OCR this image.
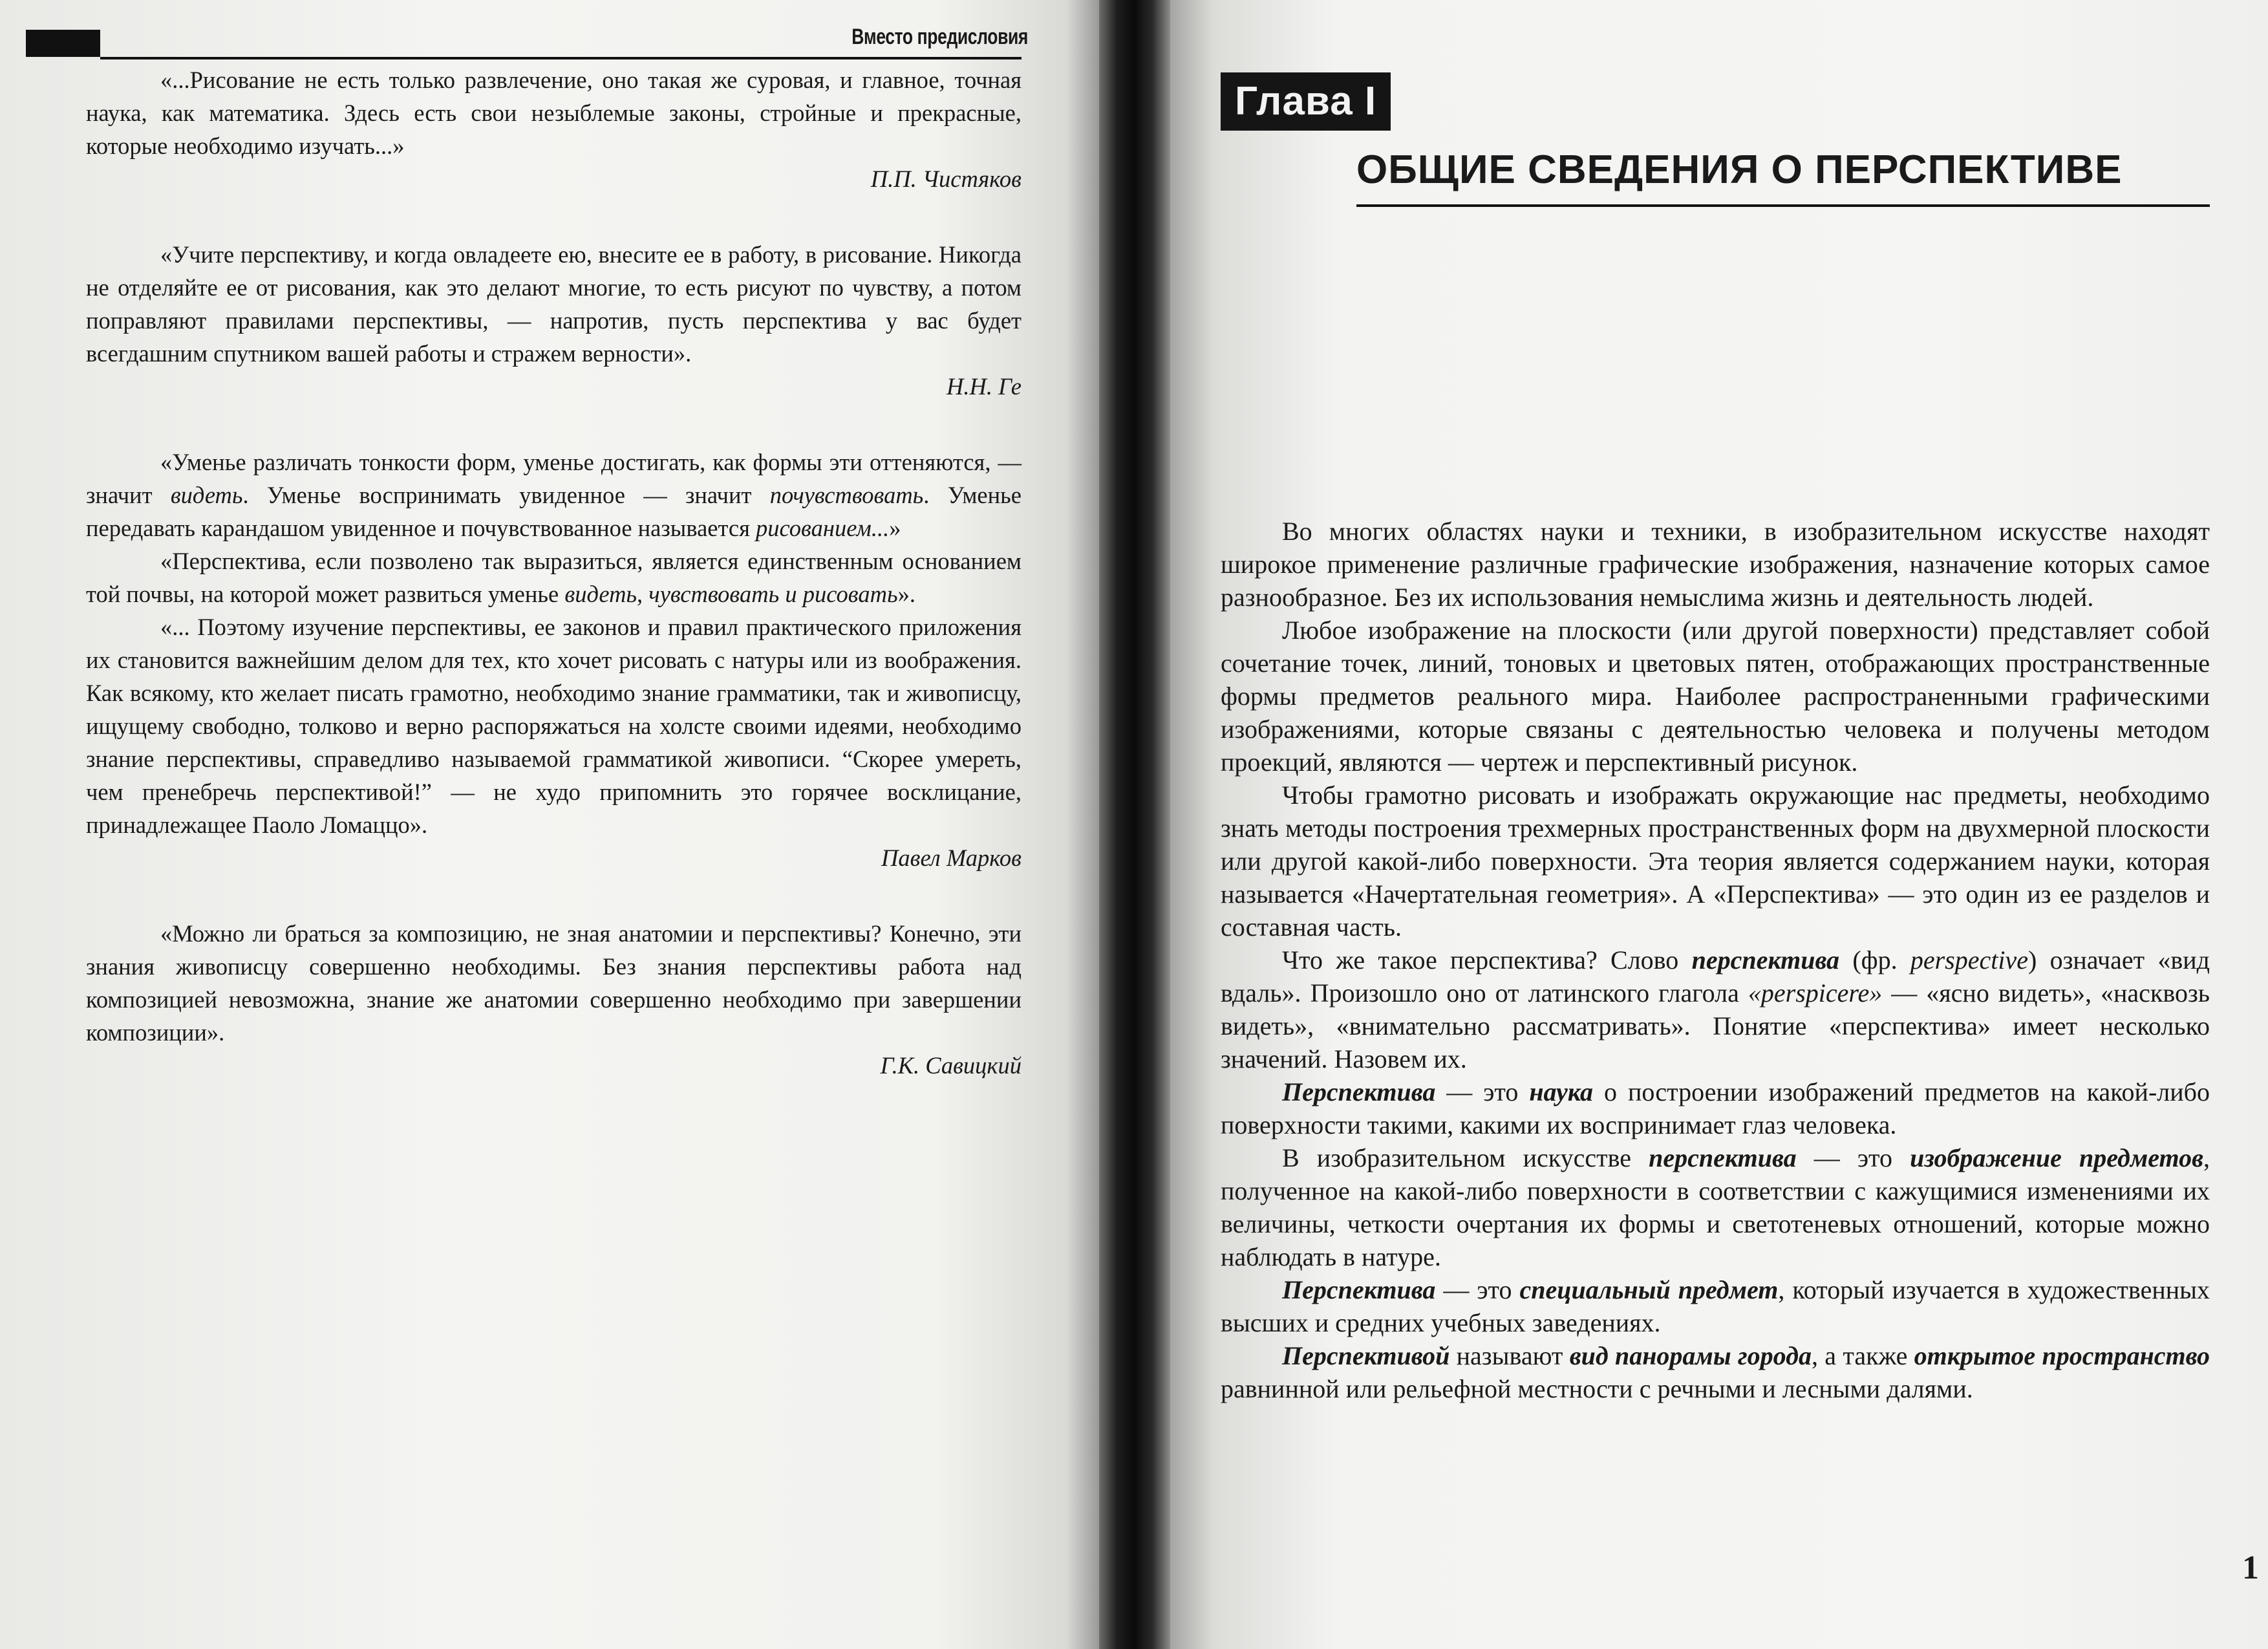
Вместо предисловия

«...Рисование не есть только развлечение, оно такая же суровая, и главное, точная наука, как математика. Здесь есть свои незыблемые законы, стройные и прекрасные, которые необходимо изучать...»

П.П. Чистяков

«Учите перспективу, и когда овладеете ею, внесите ее в работу, в рисование. Никогда не отделяйте ее от рисования, как это делают многие, то есть рисуют по чувству, а потом поправляют правилами перспективы, — напротив, пусть перспектива у вас будет всегдашним спутником вашей работы и стражем верности».

Н.Н. Ге

«Уменье различать тонкости форм, уменье достигать, как формы эти оттеняются, — значит видеть. Уменье воспринимать увиденное — значит почувствовать. Уменье передавать карандашом увиденное и почувствованное называется рисованием...»

«Перспектива, если позволено так выразиться, является единственным основанием той почвы, на которой может развиться уменье видеть, чувствовать и рисовать».

«... Поэтому изучение перспективы, ее законов и правил практического приложения их становится важнейшим делом для тех, кто хочет рисовать с натуры или из воображения. Как всякому, кто желает писать грамотно, необходимо знание грамматики, так и живописцу, ищущему свободно, толково и верно распоряжаться на холсте своими идеями, необходимо знание перспективы, справедливо называемой грамматикой живописи. “Скорее умереть, чем пренебречь перспективой!” — не худо припомнить это горячее восклицание, принадлежащее Паоло Ломаццо».

Павел Марков

«Можно ли браться за композицию, не зная анатомии и перспективы? Конечно, эти знания живописцу совершенно необходимы. Без знания перспективы работа над композицией невозможна, знание же анатомии совершенно необходимо при завершении композиции».

Г.К. Савицкий

Глава I
ОБЩИЕ СВЕДЕНИЯ О ПЕРСПЕКТИВЕ

Во многих областях науки и техники, в изобразительном искусстве находят широкое применение различные графические изображения, назначение которых самое разнообразное. Без их использования немыслима жизнь и деятельность людей.

Любое изображение на плоскости (или другой поверхности) представляет собой сочетание точек, линий, тоновых и цветовых пятен, отображающих пространственные формы предметов реального мира. Наиболее распространенными графическими изображениями, которые связаны с деятельностью человека и получены методом проекций, являются — чертеж и перспективный рисунок.

Чтобы грамотно рисовать и изображать окружающие нас предметы, необходимо знать методы построения трехмерных пространственных форм на двухмерной плоскости или другой какой-либо поверхности. Эта теория является содержанием науки, которая называется «Начертательная геометрия». А «Перспектива» — это один из ее разделов и составная часть.

Что же такое перспектива? Слово перспектива (фр. perspective) означает «вид вдаль». Произошло оно от латинского глагола «perspicere» — «ясно видеть», «насквозь видеть», «внимательно рассматривать». Понятие «перспектива» имеет несколько значений. Назовем их.

Перспектива — это наука о построении изображений предметов на какой-либо поверхности такими, какими их воспринимает глаз человека.

В изобразительном искусстве перспектива — это изображение предметов, полученное на какой-либо поверхности в соответствии с кажущимися изменениями их величины, четкости очертания их формы и светотеневых отношений, которые можно наблюдать в натуре.

Перспектива — это специальный предмет, который изучается в художественных высших и средних учебных заведениях.

Перспективой называют вид панорамы города, а также открытое пространство равнинной или рельефной местности с речными и лесными далями.

1
